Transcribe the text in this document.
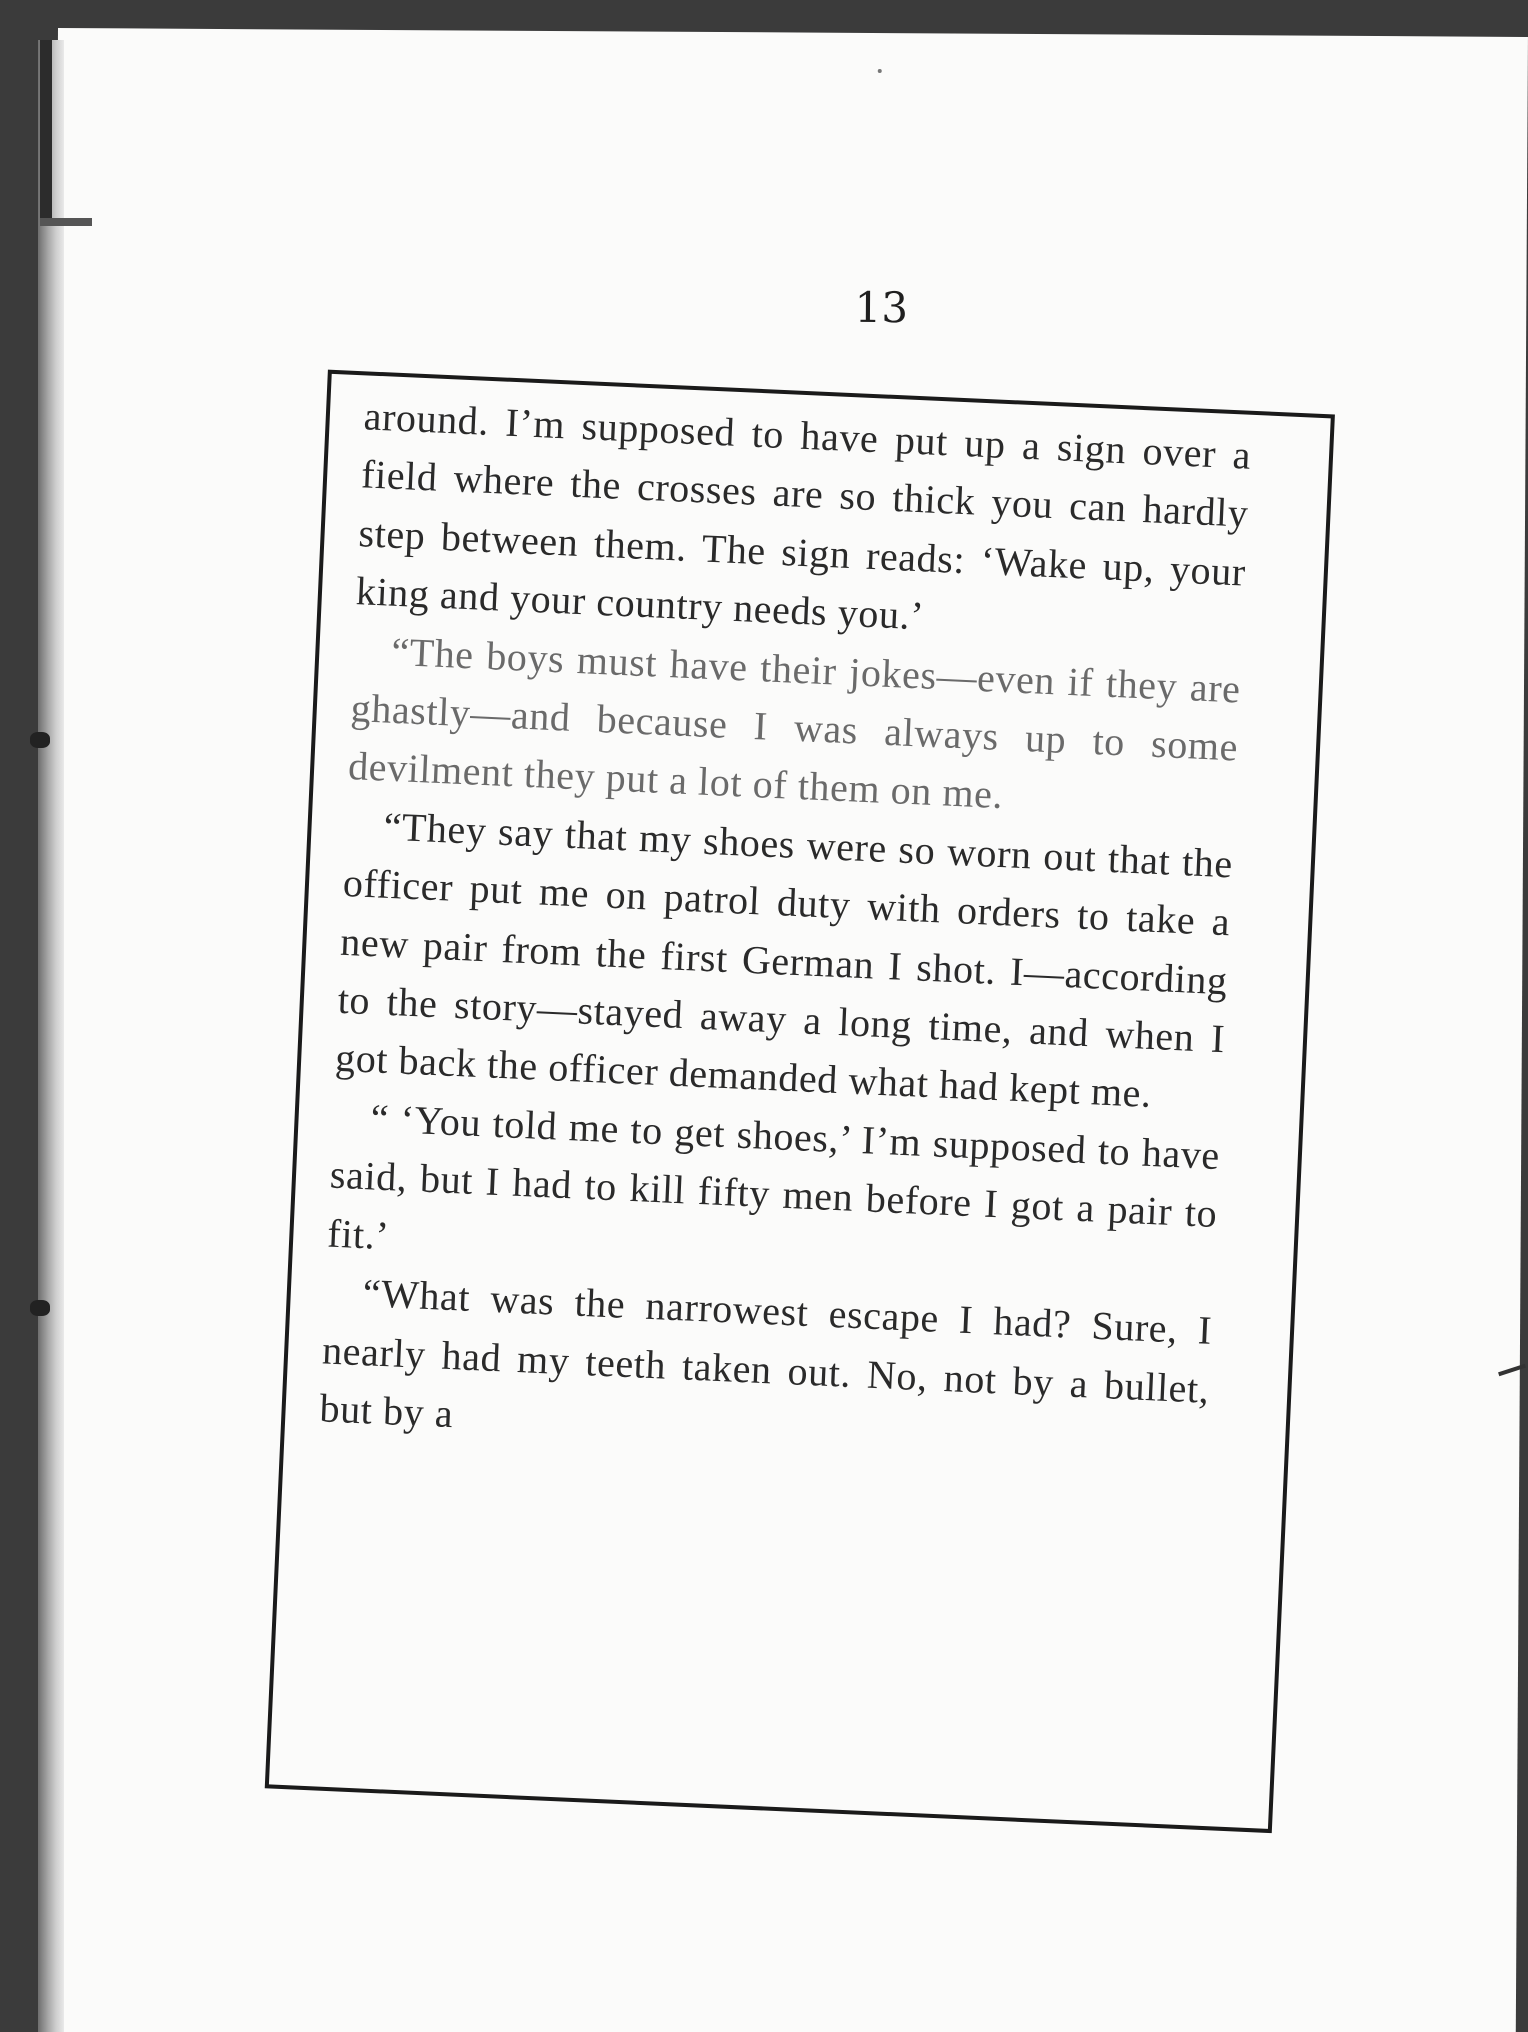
13

around. I’m supposed to have put up a sign over a field where the crosses are so thick you can hardly step between them. The sign reads: ‘Wake up, your king and your country needs you.’

“The boys must have their jokes—even if they are ghastly—and because I was always up to some devilment they put a lot of them on me.

“They say that my shoes were so worn out that the officer put me on patrol duty with orders to take a new pair from the first German I shot. I—according to the story—stayed away a long time, and when I got back the officer demanded what had kept me.

“ ‘You told me to get shoes,’ I’m supposed to have said, but I had to kill fifty men before I got a pair to fit.’

“What was the narrowest escape I had? Sure, I nearly had my teeth taken out. No, not by a bullet, but by a
